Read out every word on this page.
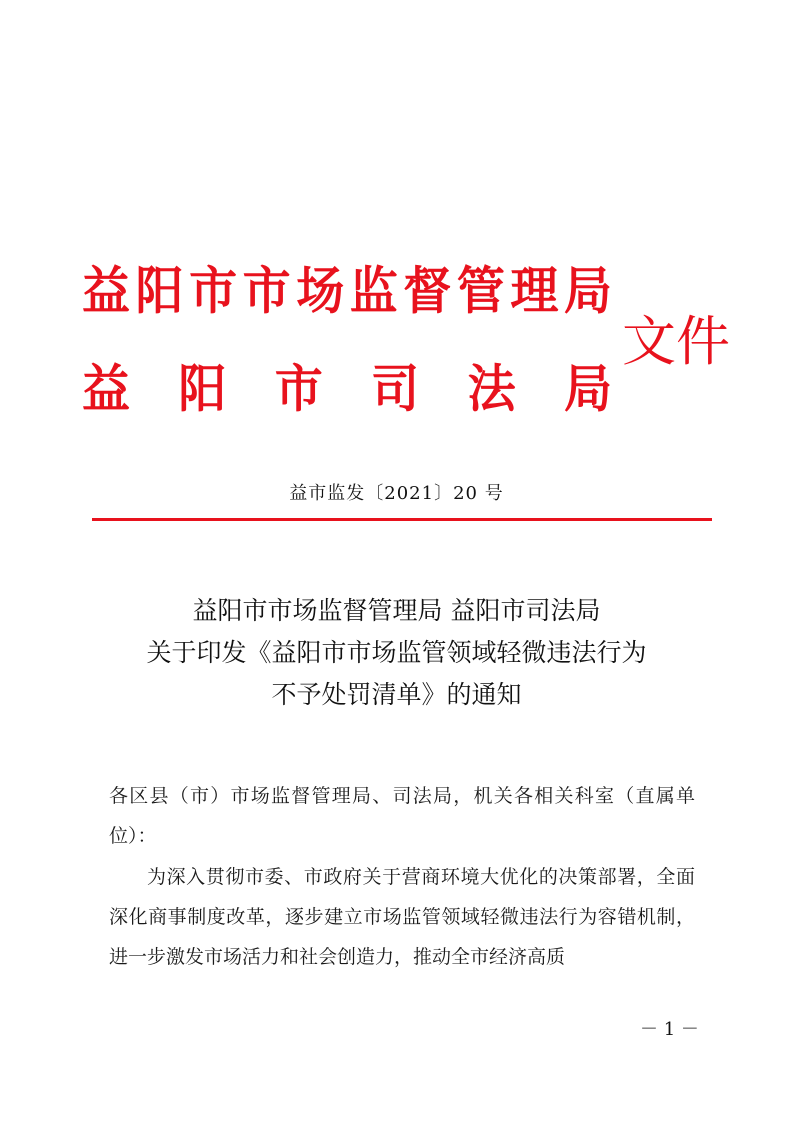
益 阳 市 市 场 监 督 管 理 局
益 阳 市 司 法 局
文件
益市监发〔2021〕20 号
益阳市市场监督管理局 益阳市司法局
关于印发《益阳市市场监管领域轻微违法行为
不予处罚清单》的通知
各区县（市）市场监督管理局、司法局，机关各相关科室（直属单位）：
为深入贯彻市委、市政府关于营商环境大优化的决策部署，全面深化商事制度改革，逐步建立市场监管领域轻微违法行为容错机制，进一步激发市场活力和社会创造力，推动全市经济高质
－ 1 －
